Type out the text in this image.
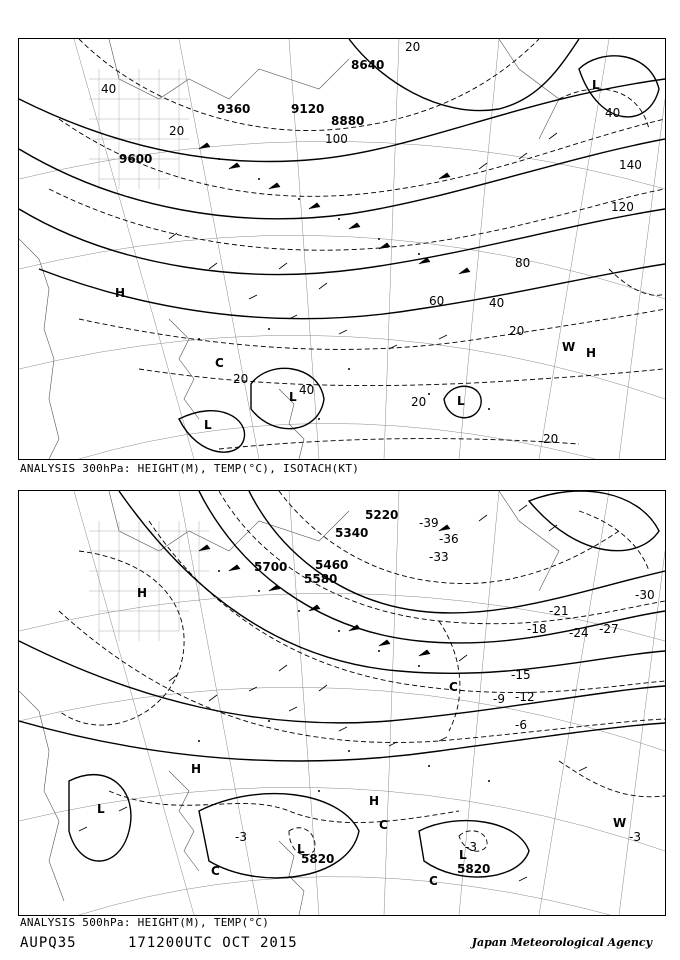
8640
8880
9120
9360
9600
20
40
60
80
100
120
140
20
20
40
20
20
20
40
40
H
H
L
L	L
L
C
W
ANALYSIS 300hPa: HEIGHT(M), TEMP(°C), ISOTACH(KT)
5220
5340
5460
5580
5700
5820
5820
-3
-3
-3
-6
-9 -12
-15
-18
-21
-24 -27
-33
-36
-39
-30
H
H
H
L
L	L
C
C
C
C
W
ANALYSIS 500hPa: HEIGHT(M), TEMP(°C)
AUPQ35	171200UTC OCT 2015	Japan Meteorological Agency
